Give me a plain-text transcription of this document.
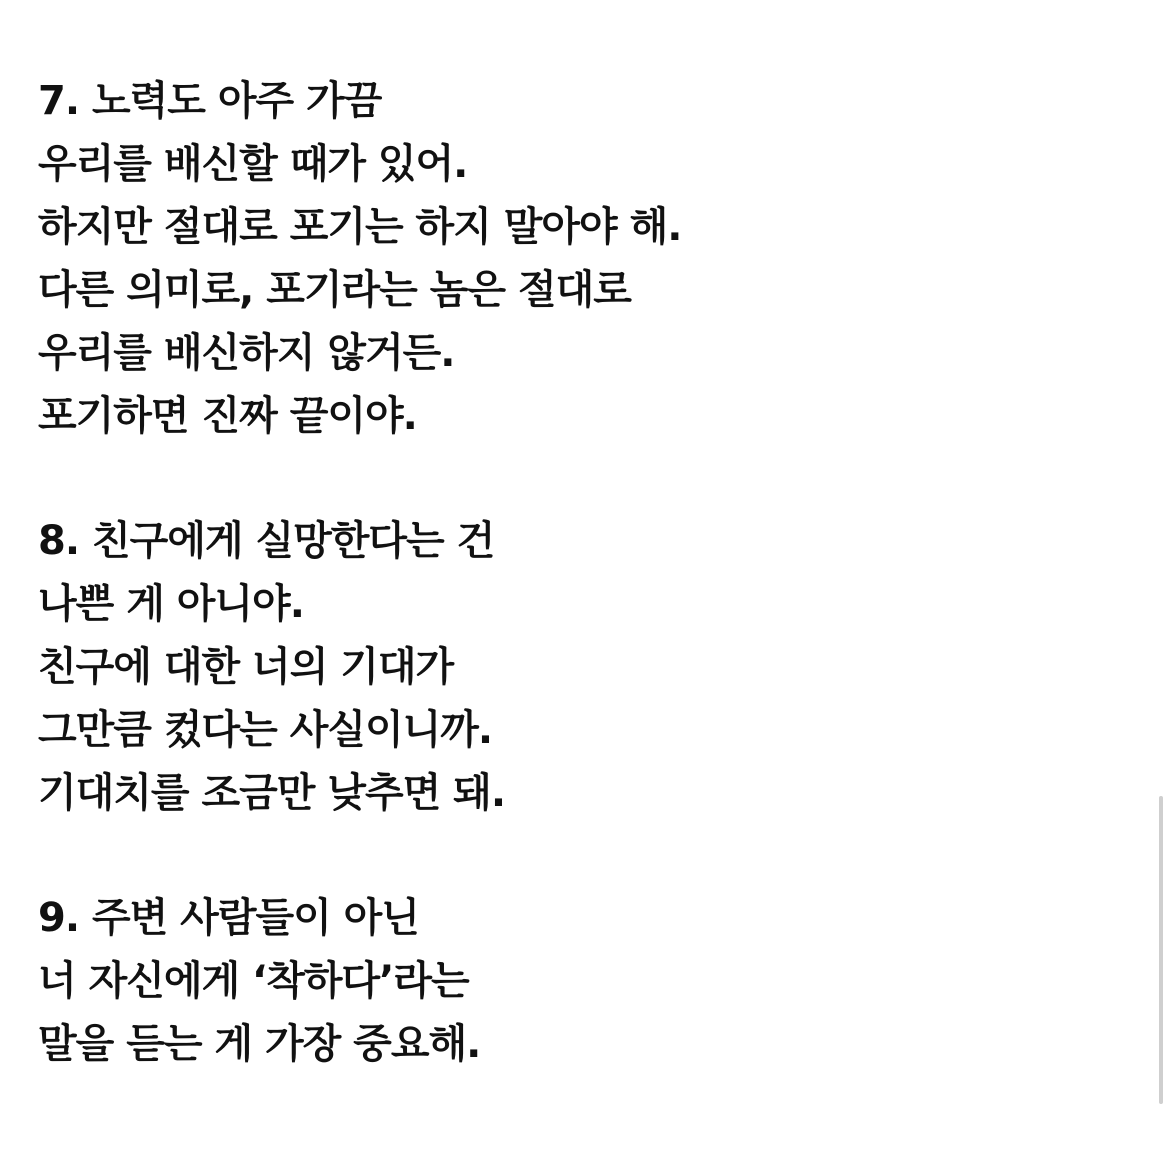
7. 노력도 아주 가끔
우리를 배신할 때가 있어.
하지만 절대로 포기는 하지 말아야 해.
다른 의미로, 포기라는 놈은 절대로
우리를 배신하지 않거든.
포기하면 진짜 끝이야.
8. 친구에게 실망한다는 건
나쁜 게 아니야.
친구에 대한 너의 기대가
그만큼 컸다는 사실이니까.
기대치를 조금만 낮추면 돼.
9. 주변 사람들이 아닌
너 자신에게 ‘착하다’라는
말을 듣는 게 가장 중요해.
